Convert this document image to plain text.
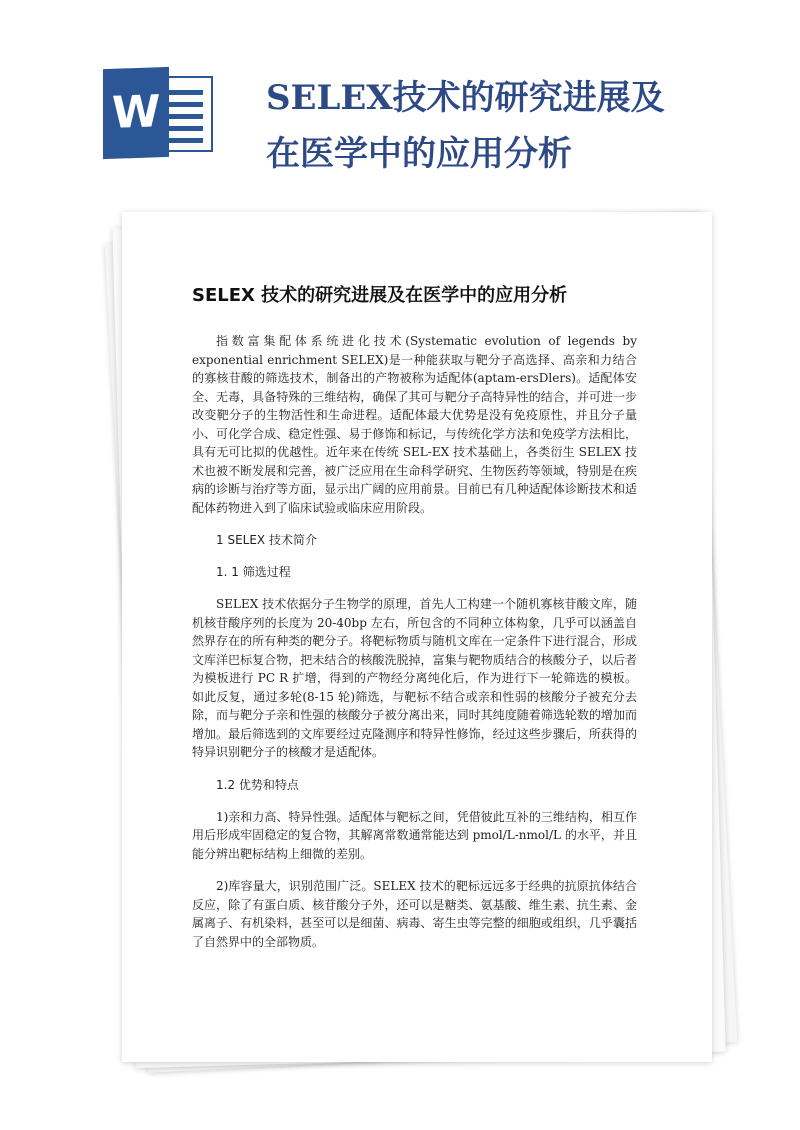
W	SELEX技术的研究进展及
在医学中的应用分析
SELEX 技术的研究进展及在医学中的应用分析

指数富集配体系统进化技术(Systematic evolution of legends by exponential enrichment SELEX)是一种能获取与靶分子高选择、高亲和力结合的寡核苷酸的筛选技术，制备出的产物被称为适配体(aptam-ersDlers)。适配体安全、无毒，具备特殊的三维结构，确保了其可与靶分子高特异性的结合，并可进一步改变靶分子的生物活性和生命进程。适配体最大优势是没有免疫原性，并且分子量小、可化学合成、稳定性强、易于修饰和标记，与传统化学方法和免疫学方法相比，具有无可比拟的优越性。近年来在传统 SEL-EX 技术基础上，各类衍生 SELEX 技术也被不断发展和完善，被广泛应用在生命科学研究、生物医药等领域，特别是在疾病的诊断与治疗等方面，显示出广阔的应用前景。目前已有几种适配体诊断技术和适配体药物进入到了临床试验或临床应用阶段。

1 SELEX 技术简介
1. 1 筛选过程

SELEX 技术依据分子生物学的原理，首先人工构建一个随机寡核苷酸文库，随机核苷酸序列的长度为 20-40bp 左右，所包含的不同种立体构象，几乎可以涵盖自然界存在的所有种类的靶分子。将靶标物质与随机文库在一定条件下进行混合，形成文库洋巴标复合物，把未结合的核酸洗脱掉，富集与靶物质结合的核酸分子，以后者为模板进行 PC R 扩增，得到的产物经分离纯化后，作为进行下一轮筛选的模板。如此反复，通过多轮(8-15 轮)筛选，与靶标不结合或亲和性弱的核酸分子被充分去除，而与靶分子亲和性强的核酸分子被分离出来，同时其纯度随着筛选轮数的增加而增加。最后筛选到的文库要经过克隆测序和特异性修饰，经过这些步骤后，所获得的特异识别靶分子的核酸才是适配体。

1.2 优势和特点

1)亲和力高、特异性强。适配体与靶标之间，凭借彼此互补的三维结构，相互作用后形成牢固稳定的复合物，其解离常数通常能达到 pmol/L-nmol/L 的水平，并且能分辨出靶标结构上细微的差别。

2)库容量大，识别范围广泛。SELEX 技术的靶标远远多于经典的抗原抗体结合反应，除了有蛋白质、核苷酸分子外，还可以是糖类、氨基酸、维生素、抗生素、金属离子、有机染料，甚至可以是细菌、病毒、寄生虫等完整的细胞或组织，几乎囊括了自然界中的全部物质。
